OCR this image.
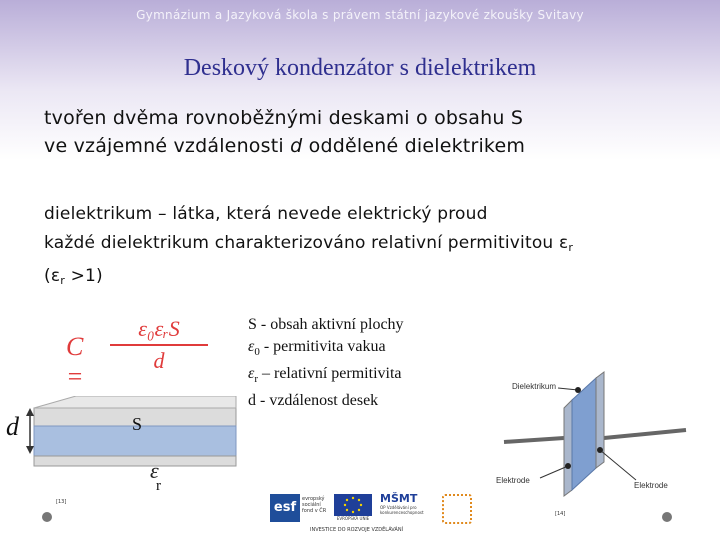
Gymnázium a Jazyková škola s právem státní jazykové zkoušky Svitavy
Deskový kondenzátor s dielektrikem
tvořen dvěma rovnoběžnými deskami o obsahu S
ve vzájemné vzdálenosti d oddělené dielektrikem
dielektrikum – látka, která nevede elektrický proud
každé dielektrikum charakterizováno relativní permitivitou $\varepsilon_r$
$(\varepsilon_r >1)$
C =
ε₀εᵣS
d
S - obsah aktivní plochy
$\varepsilon_0$ - permitivita vakua
$\varepsilon_r$ – relativní permitivita
d - vzdálenost desek
d	S
ε
r
[13]
Dielektrikum
Elektrode
Elektrode
[14]
esf
evropský sociální fond v ČR
EVROPSKÁ UNIE
MŠMT
OP Vzdělávání pro konkurenceschopnost
INVESTICE DO ROZVOJE VZDĚLÁVÁNÍ
